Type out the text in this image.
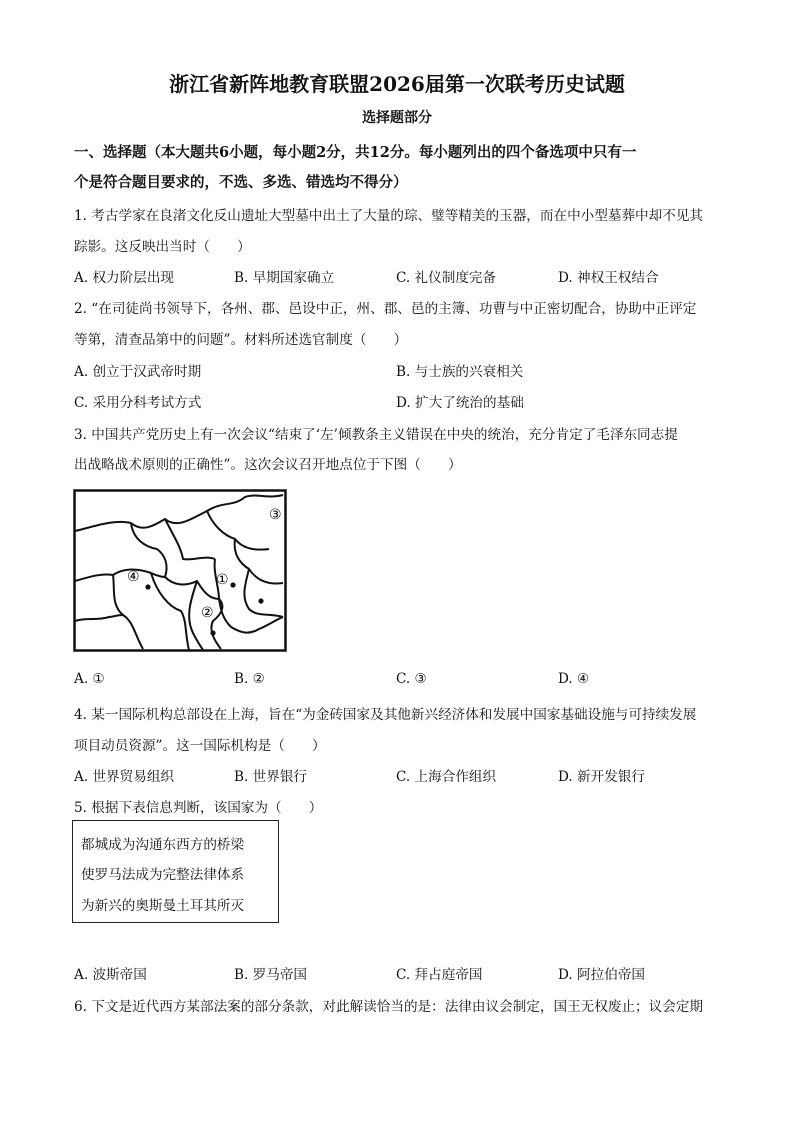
浙江省新阵地教育联盟2026届第一次联考历史试题
选择题部分
一、选择题（本大题共6小题，每小题2分，共12分。每小题列出的四个备选项中只有一
个是符合题目要求的，不选、多选、错选均不得分）
1. 考古学家在良渚文化反山遗址大型墓中出土了大量的琮、璧等精美的玉器，而在中小型墓葬中却不见其
踪影。这反映出当时（　　）
A. 权力阶层出现	B. 早期国家确立	C. 礼仪制度完备	D. 神权王权结合
2. “在司徒尚书领导下，各州、郡、邑设中正，州、郡、邑的主簿、功曹与中正密切配合，协助中正评定
等第，清查品第中的问题”。材料所述选官制度（　　）
A. 创立于汉武帝时期	B. 与士族的兴衰相关
C. 采用分科考试方式	D. 扩大了统治的基础
3. 中国共产党历史上有一次会议“结束了‘左’倾教条主义错误在中央的统治，充分肯定了毛泽东同志提
出战略战术原则的正确性”。这次会议召开地点位于下图（　　）
③
④	①
②
A. ①	B. ②	C. ③	D. ④
4. 某一国际机构总部设在上海，旨在“为金砖国家及其他新兴经济体和发展中国家基础设施与可持续发展
项目动员资源”。这一国际机构是（　　）
A. 世界贸易组织	B. 世界银行	C. 上海合作组织	D. 新开发银行
5. 根据下表信息判断，该国家为（　　）
都城成为沟通东西方的桥梁
使罗马法成为完整法律体系
为新兴的奥斯曼土耳其所灭
A. 波斯帝国	B. 罗马帝国	C. 拜占庭帝国	D. 阿拉伯帝国
6. 下文是近代西方某部法案的部分条款，对此解读恰当的是：法律由议会制定，国王无权废止；议会定期
